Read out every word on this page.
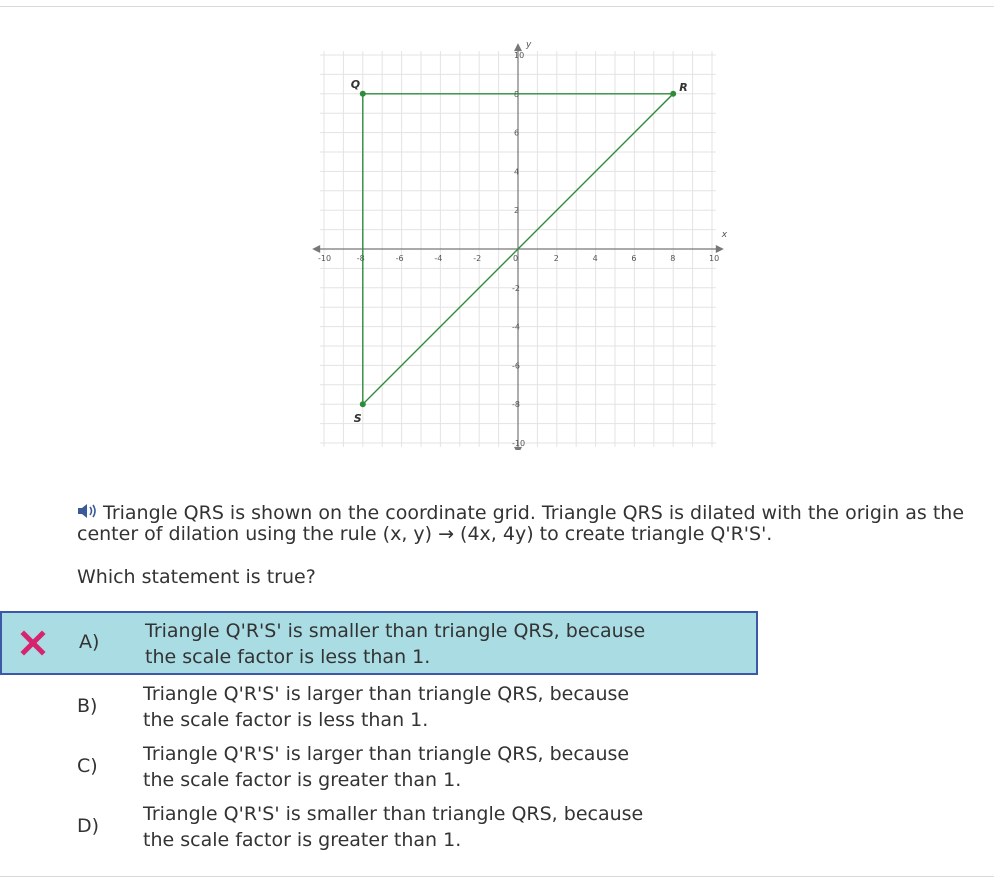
x
y
-10	-8	-6	-4	-2	0	2	4	6	8	10
10
8
6
4
2
-2
-4
-6
-8
-10
Q	R
S
Triangle QRS is shown on the coordinate grid. Triangle QRS is dilated with the origin as the center of dilation using the rule (x, y) → (4x, 4y) to create triangle Q'R'S'.
Which statement is true?
A) Triangle Q'R'S' is smaller than triangle QRS, because the scale factor is less than 1.
B)
Triangle Q'R'S' is larger than triangle QRS, because the scale factor is less than 1.
C)
Triangle Q'R'S' is larger than triangle QRS, because the scale factor is greater than 1.
D)
Triangle Q'R'S' is smaller than triangle QRS, because the scale factor is greater than 1.
